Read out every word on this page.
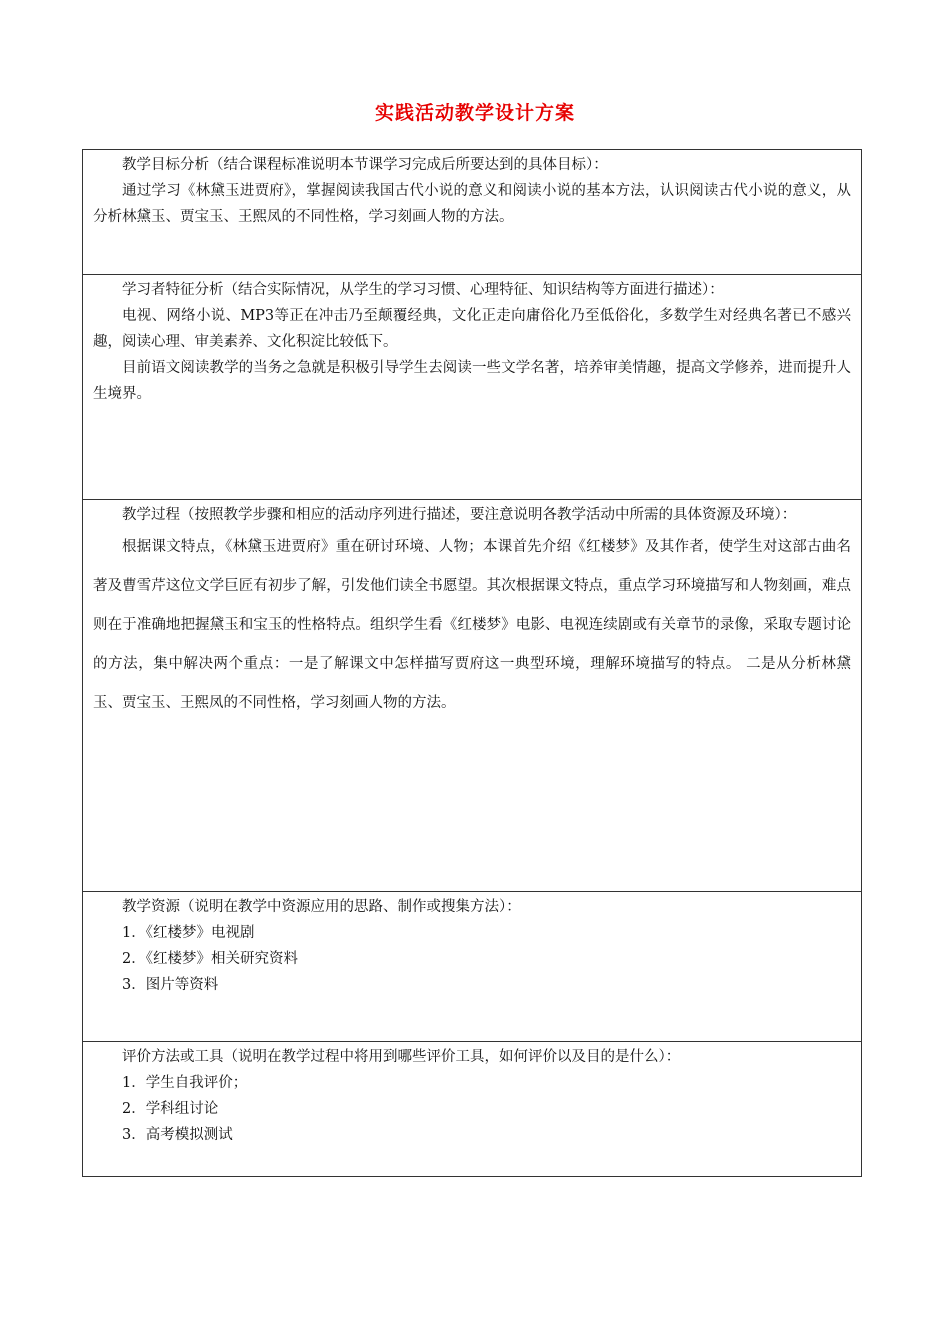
实践活动教学设计方案

教学目标分析（结合课程标准说明本节课学习完成后所要达到的具体目标）：

通过学习《林黛玉进贾府》，掌握阅读我国古代小说的意义和阅读小说的基本方法，认识阅读古代小说的意义，从分析林黛玉、贾宝玉、王熙凤的不同性格，学习刻画人物的方法。

学习者特征分析（结合实际情况，从学生的学习习惯、心理特征、知识结构等方面进行描述）：

电视、网络小说、MP3等正在冲击乃至颠覆经典，文化正走向庸俗化乃至低俗化，多数学生对经典名著已不感兴趣，阅读心理、审美素养、文化积淀比较低下。

目前语文阅读教学的当务之急就是积极引导学生去阅读一些文学名著，培养审美情趣，提高文学修养，进而提升人生境界。

教学过程（按照教学步骤和相应的活动序列进行描述，要注意说明各教学活动中所需的具体资源及环境）：

根据课文特点，《林黛玉进贾府》重在研讨环境、人物；本课首先介绍《红楼梦》及其作者，使学生对这部古曲名著及曹雪芹这位文学巨匠有初步了解，引发他们读全书愿望。其次根据课文特点，重点学习环境描写和人物刻画，难点则在于准确地把握黛玉和宝玉的性格特点。组织学生看《红楼梦》电影、电视连续剧或有关章节的录像，采取专题讨论的方法，集中解决两个重点：一是了解课文中怎样描写贾府这一典型环境，理解环境描写的特点。 二是从分析林黛玉、贾宝玉、王熙凤的不同性格，学习刻画人物的方法。

教学资源（说明在教学中资源应用的思路、制作或搜集方法）：

1．《红楼梦》电视剧

2．《红楼梦》相关研究资料

3．图片等资料

评价方法或工具（说明在教学过程中将用到哪些评价工具，如何评价以及目的是什么）：

1．学生自我评价；

2．学科组讨论

3．高考模拟测试
